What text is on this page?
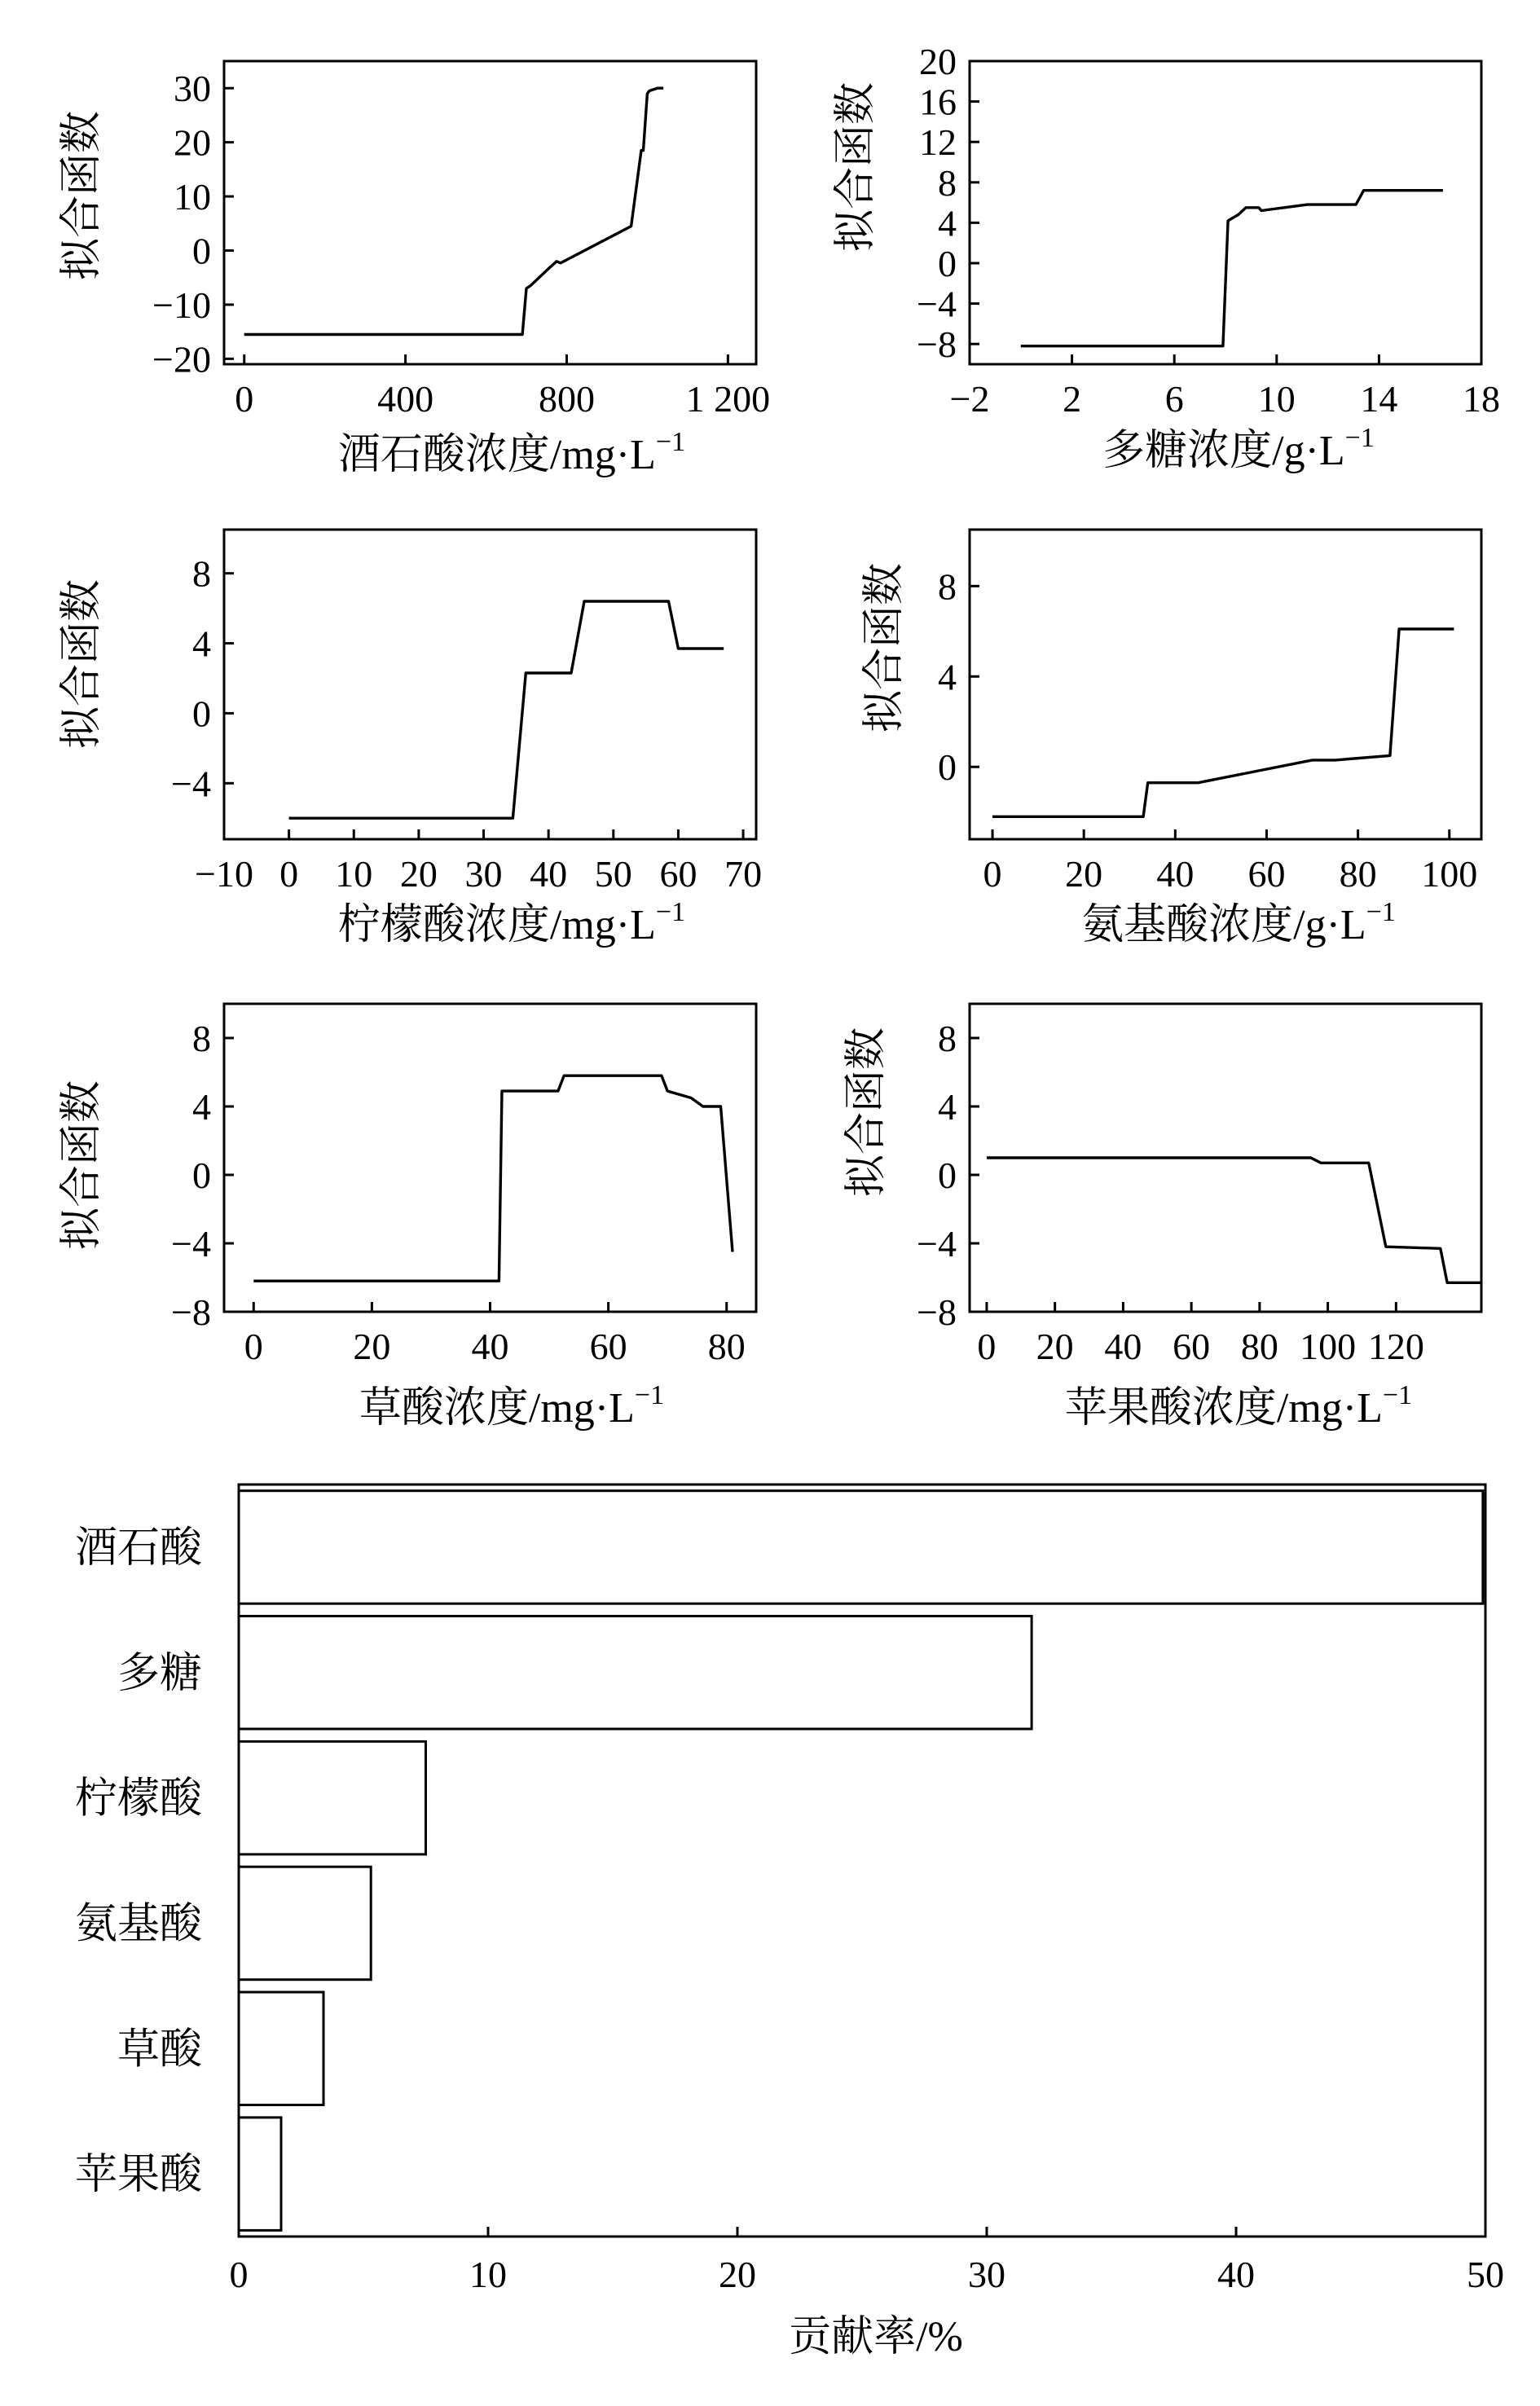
0	400	800 1 200
30
20
10
0
−10
−20
拟合函数
酒石酸浓度$/mg\cdot L^{-1}$
−2 2 6 10 14 18
20
16
12
8
4
0
−4
−8
拟合函数
多糖浓度$/g\cdot L^{-1}$
−10 0 10 20 30 40 50 60 70
8
4
0
−4
拟合函数
柠檬酸浓度$/mg\cdot L^{-1}$
0 20 40 60 80 100
8
4
0
拟合函数
氨基酸浓度$/g\cdot L^{-1}$
0 20 40 60 80
8
4
0
−4
−8
拟合函数
草酸浓度$/mg\cdot L^{-1}$
0 20 40 60 80 100 120
8
4
0
−4
−8
拟合函数
苹果酸浓度$/mg\cdot L^{-1}$
酒石酸
多糖
柠檬酸
氨基酸
草酸
苹果酸
0	10	20	30	40	50
贡献率/%
